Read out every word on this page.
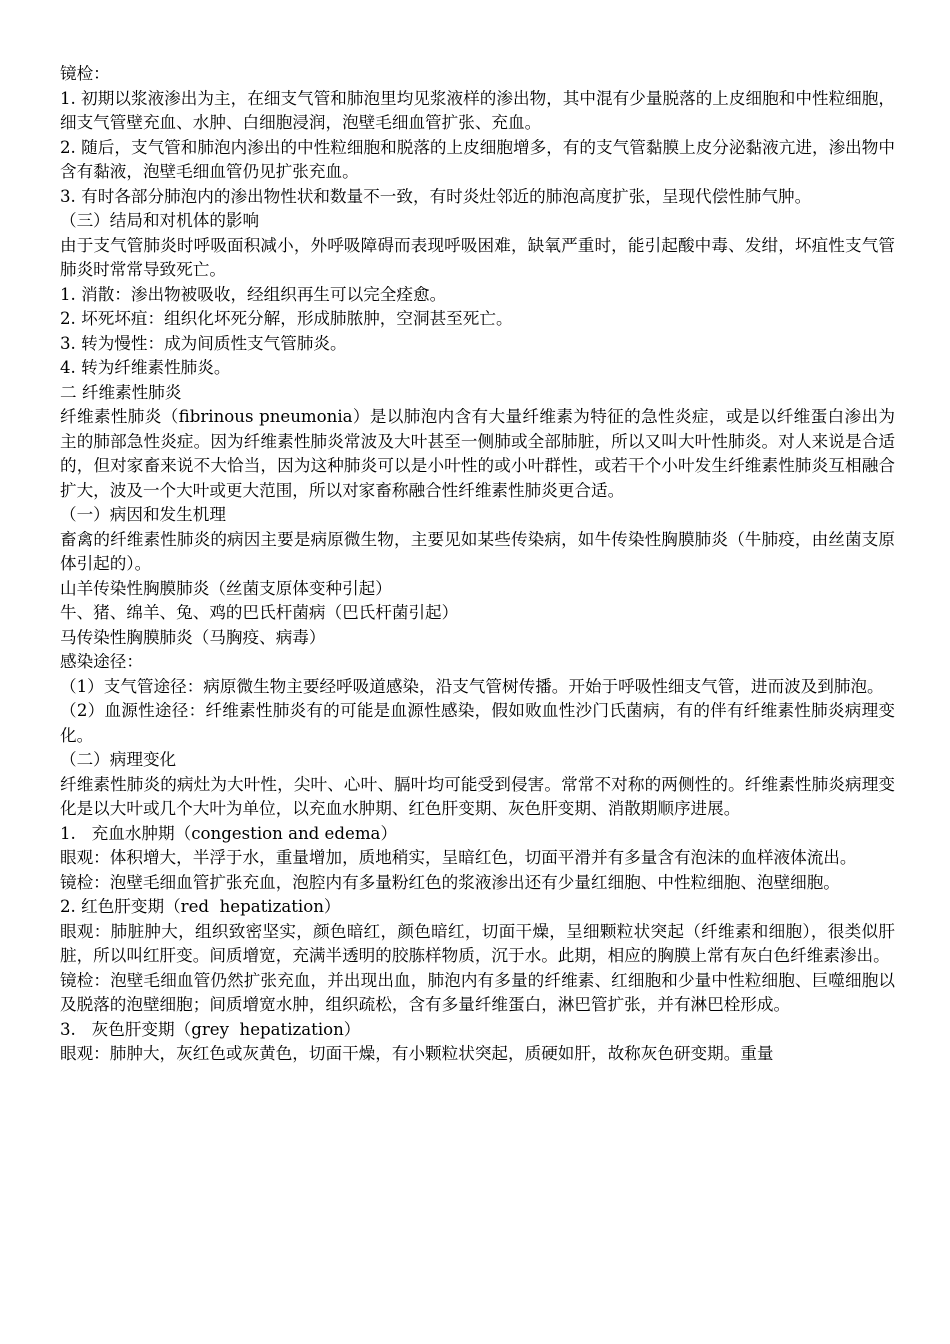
镜检：

1. 初期以浆液渗出为主，在细支气管和肺泡里均见浆液样的渗出物，其中混有少量脱落的上皮细胞和中性粒细胞，细支气管壁充血、水肿、白细胞浸润，泡壁毛细血管扩张、充血。

2. 随后，支气管和肺泡内渗出的中性粒细胞和脱落的上皮细胞增多，有的支气管黏膜上皮分泌黏液亢进，渗出物中含有黏液，泡壁毛细血管仍见扩张充血。

3. 有时各部分肺泡内的渗出物性状和数量不一致，有时炎灶邻近的肺泡高度扩张，呈现代偿性肺气肿。

（三）结局和对机体的影响

由于支气管肺炎时呼吸面积减小，外呼吸障碍而表现呼吸困难，缺氧严重时，能引起酸中毒、发绀，坏疽性支气管肺炎时常常导致死亡。

1. 消散：渗出物被吸收，经组织再生可以完全痊愈。

2. 坏死坏疽：组织化坏死分解，形成肺脓肿，空洞甚至死亡。

3. 转为慢性：成为间质性支气管肺炎。

4. 转为纤维素性肺炎。

二 纤维素性肺炎

纤维素性肺炎（fibrinous pneumonia）是以肺泡内含有大量纤维素为特征的急性炎症，或是以纤维蛋白渗出为主的肺部急性炎症。因为纤维素性肺炎常波及大叶甚至一侧肺或全部肺脏，所以又叫大叶性肺炎。对人来说是合适的，但对家畜来说不大恰当，因为这种肺炎可以是小叶性的或小叶群性，或若干个小叶发生纤维素性肺炎互相融合扩大，波及一个大叶或更大范围，所以对家畜称融合性纤维素性肺炎更合适。

（一）病因和发生机理

畜禽的纤维素性肺炎的病因主要是病原微生物，主要见如某些传染病，如牛传染性胸膜肺炎（牛肺疫，由丝菌支原体引起的）。

山羊传染性胸膜肺炎（丝菌支原体变种引起）

牛、猪、绵羊、兔、鸡的巴氏杆菌病（巴氏杆菌引起）

马传染性胸膜肺炎（马胸疫、病毒）

感染途径：

（1）支气管途径：病原微生物主要经呼吸道感染，沿支气管树传播。开始于呼吸性细支气管，进而波及到肺泡。

（2）血源性途径：纤维素性肺炎有的可能是血源性感染，假如败血性沙门氏菌病，有的伴有纤维素性肺炎病理变化。

（二）病理变化

纤维素性肺炎的病灶为大叶性，尖叶、心叶、膈叶均可能受到侵害。常常不对称的两侧性的。纤维素性肺炎病理变化是以大叶或几个大叶为单位，以充血水肿期、红色肝变期、灰色肝变期、消散期顺序进展。

1.   充血水肿期（congestion and edema）

眼观：体积增大，半浮于水，重量增加，质地稍实，呈暗红色，切面平滑并有多量含有泡沫的血样液体流出。

镜检：泡壁毛细血管扩张充血，泡腔内有多量粉红色的浆液渗出还有少量红细胞、中性粒细胞、泡壁细胞。

2. 红色肝变期（red  hepatization）

眼观：肺脏肿大，组织致密坚实，颜色暗红，颜色暗红，切面干燥，呈细颗粒状突起（纤维素和细胞），很类似肝脏，所以叫红肝变。间质增宽，充满半透明的胶胨样物质，沉于水。此期，相应的胸膜上常有灰白色纤维素渗出。

镜检：泡壁毛细血管仍然扩张充血，并出现出血，肺泡内有多量的纤维素、红细胞和少量中性粒细胞、巨噬细胞以及脱落的泡壁细胞；间质增宽水肿，组织疏松，含有多量纤维蛋白，淋巴管扩张，并有淋巴栓形成。

3.   灰色肝变期（grey  hepatization）

眼观：肺肿大，灰红色或灰黄色，切面干燥，有小颗粒状突起，质硬如肝，故称灰色研变期。重量
